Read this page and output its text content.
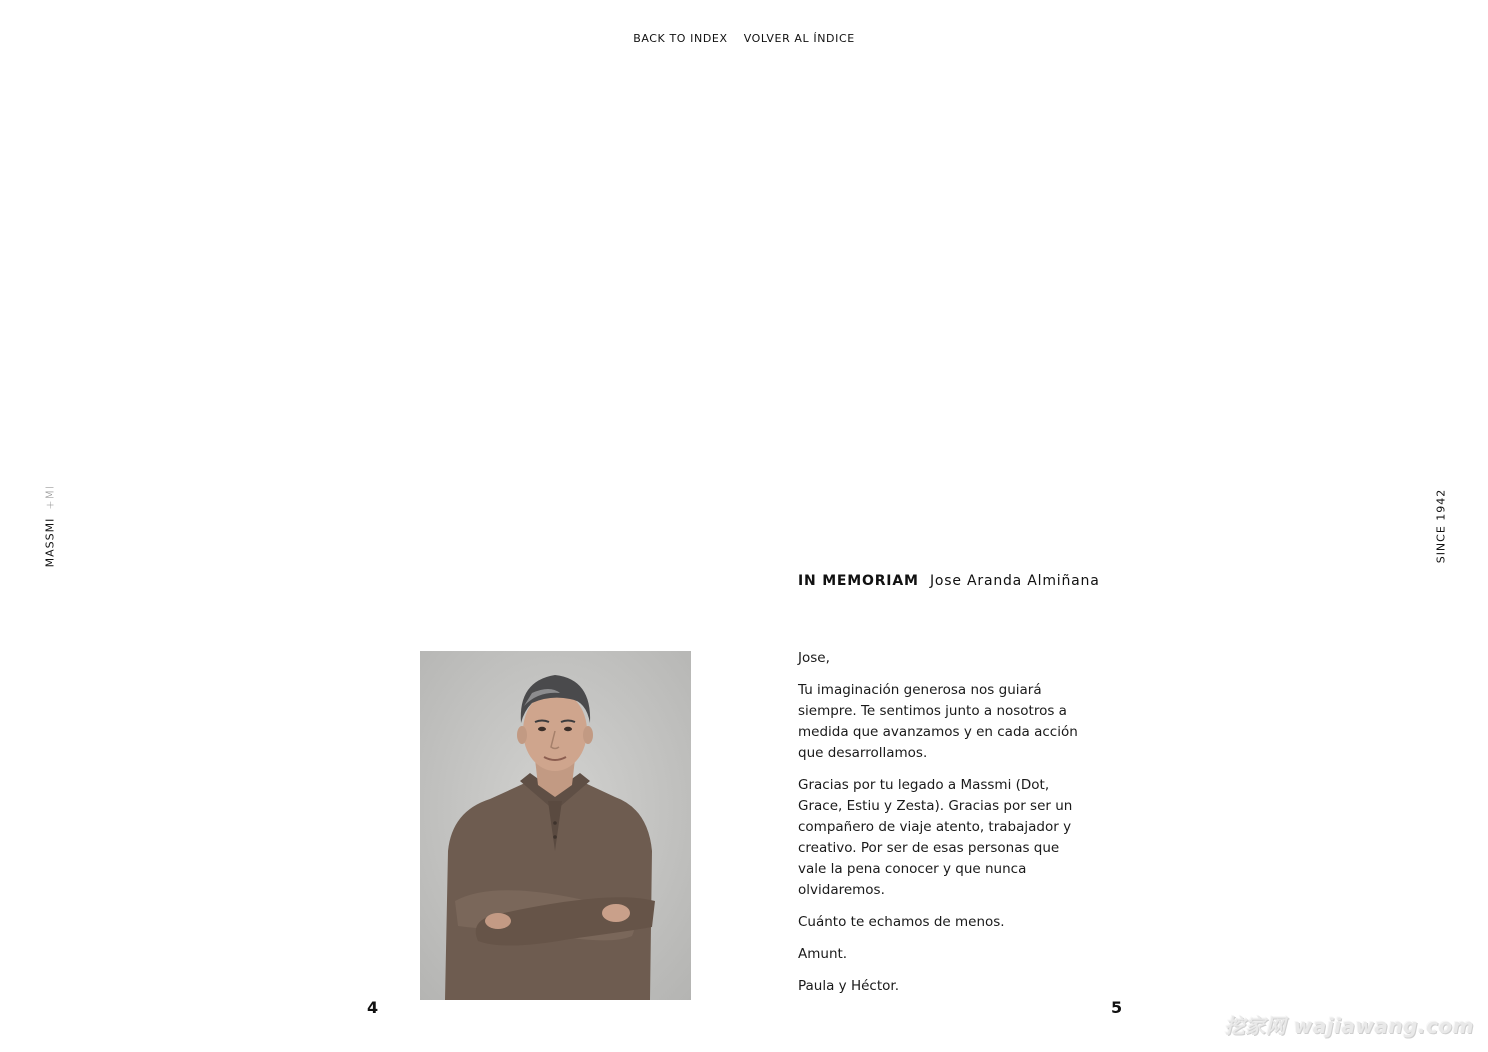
BACK TO INDEX VOLVER AL ÍNDICE
MASSMI+MI	SINCE 1942
IN MEMORIAM Jose Aranda Almiñana

Jose,

Tu imaginación generosa nos guiará siempre. Te sentimos junto a nosotros a medida que avanzamos y en cada acción que desarrollamos.

Gracias por tu legado a Massmi (Dot, Grace, Estiu y Zesta). Gracias por ser un compañero de viaje atento, trabajador y creativo. Por ser de esas personas que vale la pena conocer y que nunca olvidaremos.

Cuánto te echamos de menos.

Amunt.

Paula y Héctor.

4	5
挖家网 wajiawang.com
